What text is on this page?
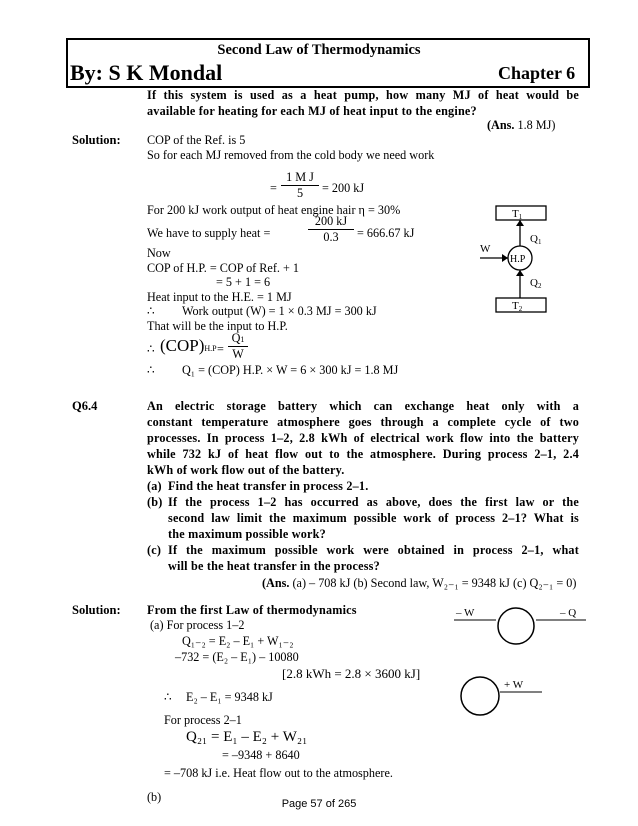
Second Law of Thermodynamics
By: S K Mondal	Chapter 6
If this system is used as a heat pump, how many MJ of heat would be
available for heating for each MJ of heat input to the engine?
(Ans. 1.8 MJ)
Solution: COP of the Ref. is 5
So for each MJ removed from the cold body we need work
= $\frac{\text{1 M J}}{5} = 200$ kJ
For 200 kJ work output of heat engine hair η = 30%
We have to supply heat =	$\frac{200 kJ}{0.3} = 666.67$ kJ
Now
COP of H.P. = COP of Ref. + 1
= 5 + 1 = 6
Heat input to the H.E. = 1 MJ
∴ Work output (W) = 1 × 0.3 MJ = 300 kJ
That will be the input to H.P.
∴ $(COP)H.P = \frac{Q1}{W}$
∴ Q₁ = (COP) H.P. × W = 6 × 300 kJ = 1.8 MJ
T1
Q1
H.P
W
Q2
T2
Q6.4	An electric storage battery which can exchange heat only with a
constant temperature atmosphere goes through a complete cycle of two
processes. In process 1–2, 2.8 kWh of electrical work flow into the battery
while 732 kJ of heat flow out to the atmosphere. During process 2–1, 2.4
kWh of work flow out of the battery.
(a) Find the heat transfer in process 2–1.
(b) If the process 1–2 has occurred as above, does the first law or the
second law limit the maximum possible work of process 2–1? What is
the maximum possible work?
(c) If the maximum possible work were obtained in process 2–1, what
will be the heat transfer in the process?
(Ans. (a) – 708 kJ (b) Second law, W₂₋₁ = 9348 kJ (c) Q₂₋₁ = 0)
Solution: From the first Law of thermodynamics
(a) For process 1–2
Q₁₋₂ = E₂ – E₁ + W₁₋₂
–732 = (E₂ – E₁) – 10080
[2.8 kWh = 2.8 × 3600 kJ]
∴ E₂ – E₁ = 9348 kJ
For process 2–1
Q₂₁ = E₁ – E₂ + W₂₁
= –9348 + 8640
= –708 kJ i.e. Heat flow out to the atmosphere.
(b)
– W	– Q
+ W
Page 57 of 265
